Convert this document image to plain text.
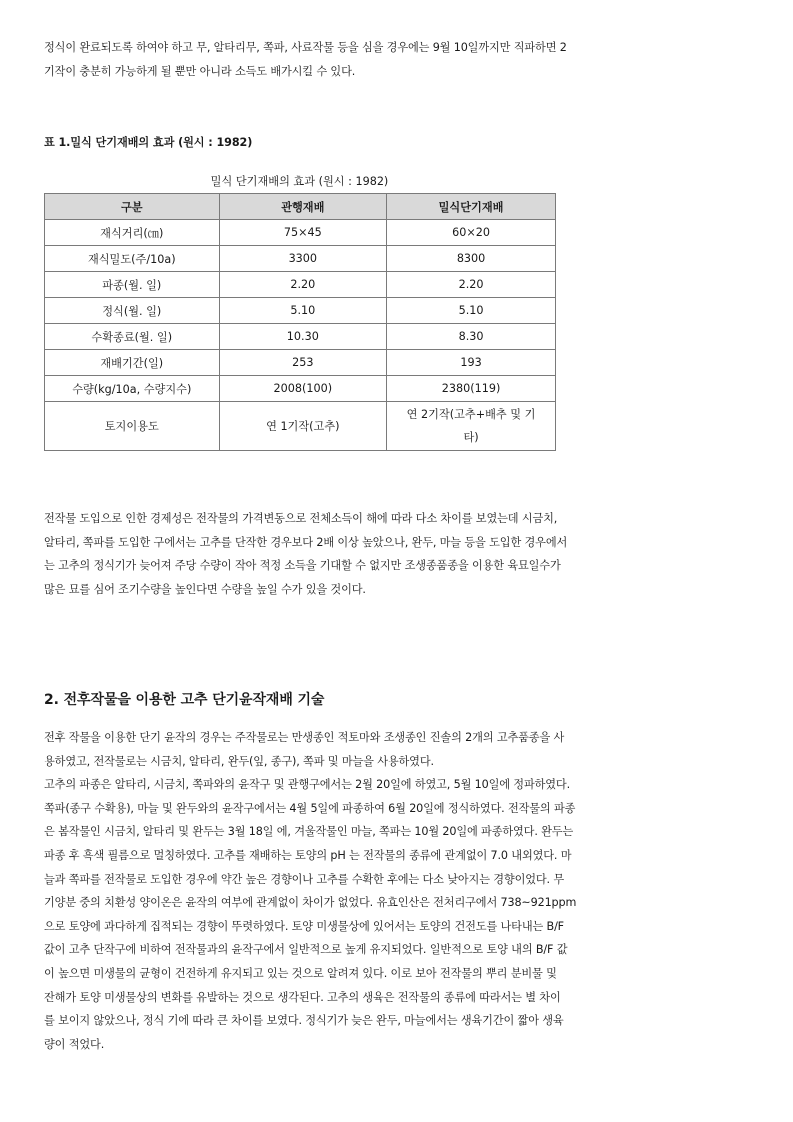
정식이 완료되도록 하여야 하고 무, 알타리무, 쪽파, 사료작물 등을 심을 경우에는 9월 10일까지만 직파하면 2
기작이 충분히 가능하게 될 뿐만 아니라 소득도 배가시킬 수 있다.

표 1.밀식 단기재배의 효과 (원시 : 1982)

밀식 단기재배의 효과 (원시 : 1982)

구분	관행재배	밀식단기재배
재식거리(㎝)	75×45	60×20
재식밀도(주/10a)	3300	8300
파종(월. 일)	2.20	2.20
정식(월. 일)	5.10	5.10
수확종료(월. 일)	10.30	8.30
재배기간(일)	253	193
수량(kg/10a, 수량지수)	2008(100)	2380(119)
토지이용도	연 1기작(고추)	연 2기작(고추+배추 및 기
타)

전작물 도입으로 인한 경제성은 전작물의 가격변동으로 전체소득이 해에 따라 다소 차이를 보였는데 시금치,
알타리, 쪽파를 도입한 구에서는 고추를 단작한 경우보다 2배 이상 높았으나, 완두, 마늘 등을 도입한 경우에서
는 고추의 정식기가 늦어져 주당 수량이 작아 적정 소득을 기대할 수 없지만 조생종품종을 이용한 육묘일수가
많은 묘를 심어 조기수량을 높인다면 수량을 높일 수가 있을 것이다.

2. 전후작물을 이용한 고추 단기윤작재배 기술

전후 작물을 이용한 단기 윤작의 경우는 주작물로는 만생종인 적토마와 조생종인 진솔의 2개의 고추품종을 사
용하였고, 전작물로는 시금치, 알타리, 완두(잎, 종구), 쪽파 및 마늘을 사용하였다.
고추의 파종은 알타리, 시금치, 쪽파와의 윤작구 및 관행구에서는 2월 20일에 하였고, 5월 10일에 정파하였다.
쪽파(종구 수확용), 마늘 및 완두와의 윤작구에서는 4월 5일에 파종하여 6월 20일에 정식하였다. 전작물의 파종
은 봄작물인 시금치, 알타리 및 완두는 3월 18일 에, 겨울작물인 마늘, 쪽파는 10월 20일에 파종하였다. 완두는
파종 후 흑색 필름으로 멀칭하였다. 고추를 재배하는 토양의 pH 는 전작물의 종류에 관계없이 7.0 내외였다. 마
늘과 쪽파를 전작물로 도입한 경우에 약간 높은 경향이나 고추를 수확한 후에는 다소 낮아지는 경향이었다. 무
기양분 중의 치환성 양이온은 윤작의 여부에 관계없이 차이가 없었다. 유효인산은 전처리구에서 738~921ppm
으로 토양에 과다하게 집적되는 경향이 뚜렷하였다. 토양 미생물상에 있어서는 토양의 건전도를 나타내는 B/F
값이 고추 단작구에 비하여 전작물과의 윤작구에서 일반적으로 높게 유지되었다. 일반적으로 토양 내의 B/F 값
이 높으면 미생물의 균형이 건전하게 유지되고 있는 것으로 알려져 있다. 이로 보아 전작물의 뿌리 분비물 및
잔해가 토양 미생물상의 변화를 유발하는 것으로 생각된다. 고추의 생육은 전작물의 종류에 따라서는 별 차이
를 보이지 않았으나, 정식 기에 따라 큰 차이를 보였다. 정식기가 늦은 완두, 마늘에서는 생육기간이 짧아 생육
량이 적었다.
